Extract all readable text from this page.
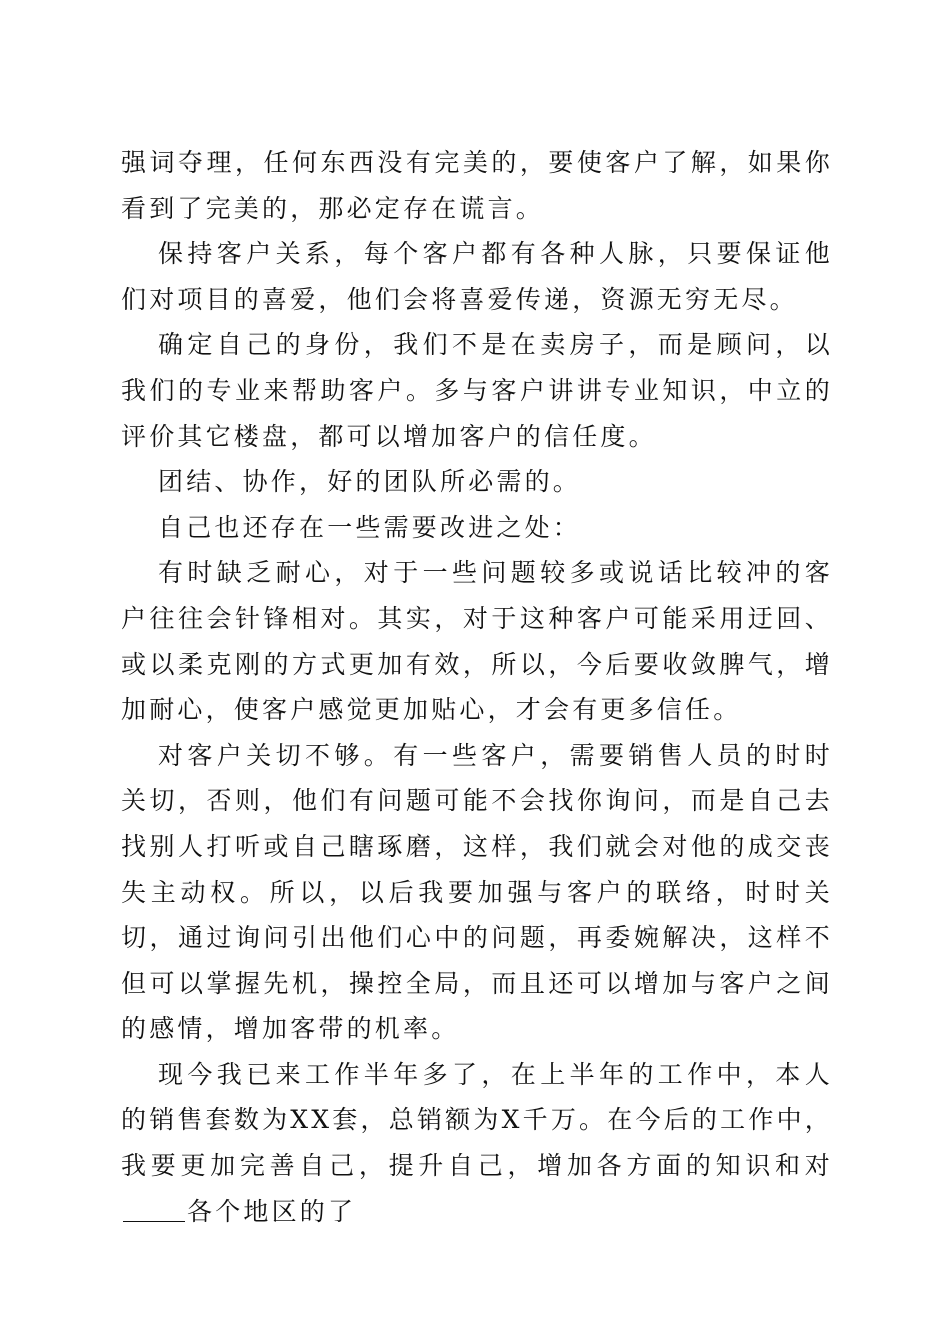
强词夺理，任何东西没有完美的，要使客户了解，如果你看到了完美的，那必定存在谎言。

保持客户关系，每个客户都有各种人脉，只要保证他们对项目的喜爱，他们会将喜爱传递，资源无穷无尽。

确定自己的身份，我们不是在卖房子，而是顾问，以我们的专业来帮助客户。多与客户讲讲专业知识，中立的评价其它楼盘，都可以增加客户的信任度。

团结、协作，好的团队所必需的。

自己也还存在一些需要改进之处：

有时缺乏耐心，对于一些问题较多或说话比较冲的客户往往会针锋相对。其实，对于这种客户可能采用迂回、或以柔克刚的方式更加有效，所以，今后要收敛脾气，增加耐心，使客户感觉更加贴心，才会有更多信任。

对客户关切不够。有一些客户，需要销售人员的时时关切，否则，他们有问题可能不会找你询问，而是自己去找别人打听或自己瞎琢磨，这样，我们就会对他的成交丧失主动权。所以，以后我要加强与客户的联络，时时关切，通过询问引出他们心中的问题，再委婉解决，这样不但可以掌握先机，操控全局，而且还可以增加与客户之间的感情，增加客带的机率。

现今我已来工作半年多了，在上半年的工作中，本人的销售套数为XX套，总销额为X千万。在今后的工作中，我要更加完善自己，提升自己，增加各方面的知识和对各个地区的了
